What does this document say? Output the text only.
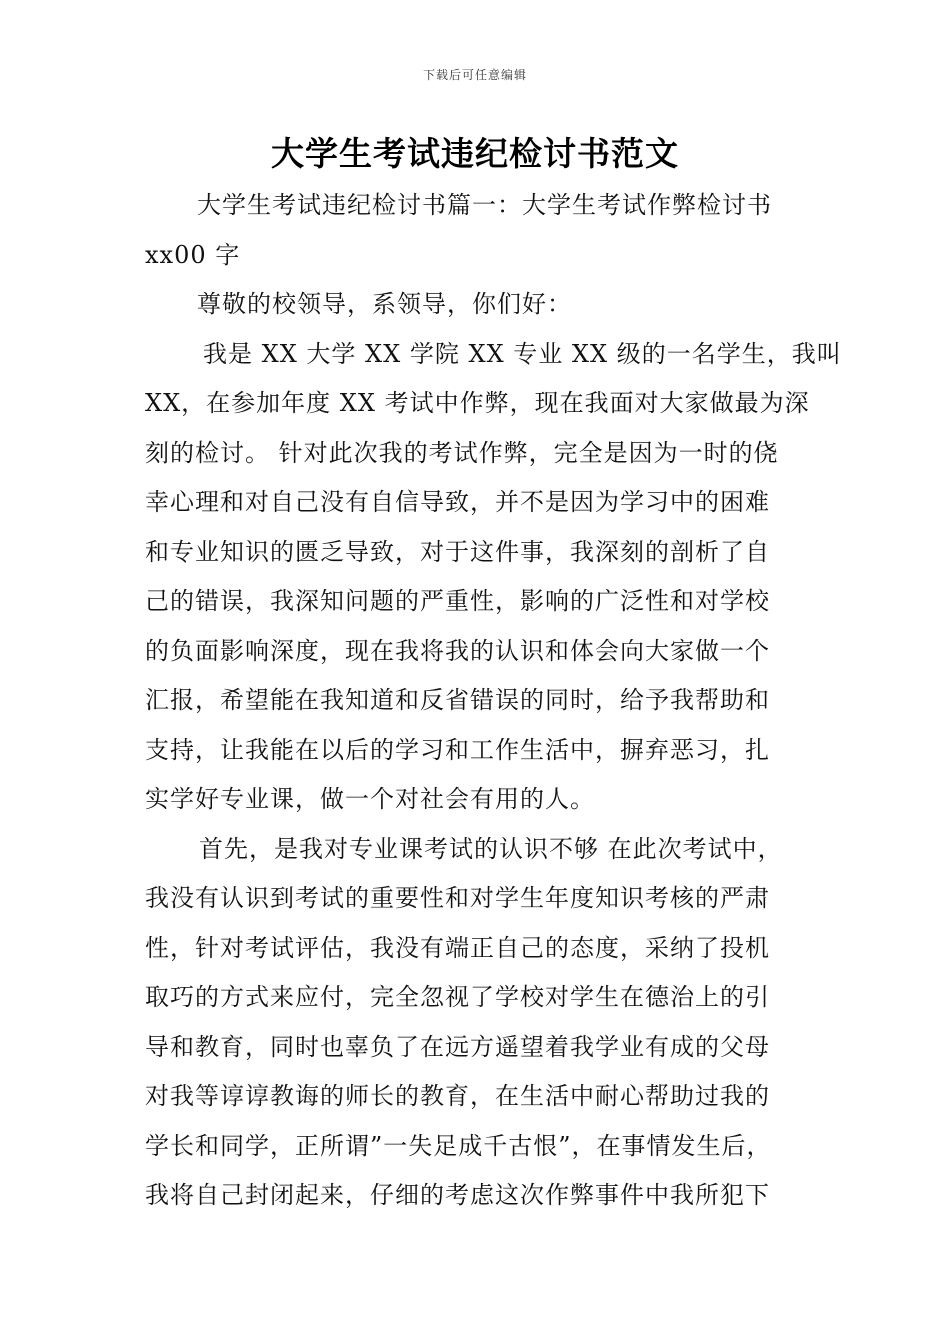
下载后可任意编辑
大学生考试违纪检讨书范文
大学生考试违纪检讨书篇一：大学生考试作弊检讨书
xx00 字
尊敬的校领导，系领导，你们好：
我是 XX 大学 XX 学院 XX 专业 XX 级的一名学生，我叫
XX，在参加年度 XX 考试中作弊，现在我面对大家做最为深
刻的检讨。 针对此次我的考试作弊，完全是因为一时的侥
幸心理和对自己没有自信导致，并不是因为学习中的困难
和专业知识的匮乏导致，对于这件事，我深刻的剖析了自
己的错误，我深知问题的严重性，影响的广泛性和对学校
的负面影响深度，现在我将我的认识和体会向大家做一个
汇报，希望能在我知道和反省错误的同时，给予我帮助和
支持，让我能在以后的学习和工作生活中，摒弃恶习，扎
实学好专业课，做一个对社会有用的人。
首先，是我对专业课考试的认识不够 在此次考试中，
我没有认识到考试的重要性和对学生年度知识考核的严肃
性，针对考试评估，我没有端正自己的态度，采纳了投机
取巧的方式来应付，完全忽视了学校对学生在德治上的引
导和教育，同时也辜负了在远方遥望着我学业有成的父母
对我等谆谆教诲的师长的教育，在生活中耐心帮助过我的
学长和同学，正所谓”一失足成千古恨”，在事情发生后，
我将自己封闭起来，仔细的考虑这次作弊事件中我所犯下
